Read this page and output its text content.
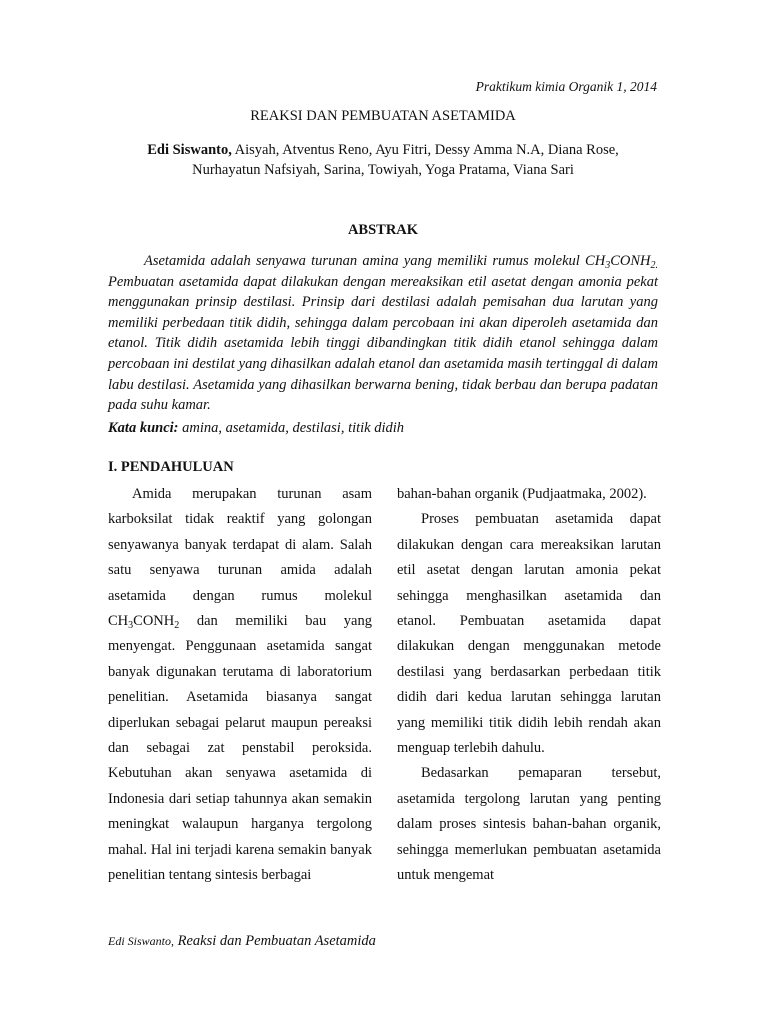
Praktikum kimia Organik 1, 2014
REAKSI DAN PEMBUATAN ASETAMIDA
Edi Siswanto, Aisyah, Atventus Reno, Ayu Fitri, Dessy Amma N.A, Diana Rose,
Nurhayatun Nafsiyah, Sarina, Towiyah, Yoga Pratama, Viana Sari
ABSTRAK

Asetamida adalah senyawa turunan amina yang memiliki rumus molekul $CH_3CONH_{2.}$ Pembuatan asetamida dapat dilakukan dengan mereaksikan etil asetat dengan amonia pekat menggunakan prinsip destilasi. Prinsip dari destilasi adalah pemisahan dua larutan yang memiliki perbedaan titik didih, sehingga dalam percobaan ini akan diperoleh asetamida dan etanol. Titik didih asetamida lebih tinggi dibandingkan titik didih etanol sehingga dalam percobaan ini destilat yang dihasilkan adalah etanol dan asetamida masih tertinggal di dalam labu destilasi. Asetamida yang dihasilkan berwarna bening, tidak berbau dan berupa padatan pada suhu kamar.

Kata kunci: amina, asetamida, destilasi, titik didih
I. PENDAHULUAN

Amida merupakan turunan asam karboksilat tidak reaktif yang golongan senyawanya banyak terdapat di alam. Salah satu senyawa turunan amida adalah asetamida dengan rumus molekul $CH_3CONH_2$ dan memiliki bau yang menyengat. Penggunaan asetamida sangat banyak digunakan terutama di laboratorium penelitian. Asetamida biasanya sangat diperlukan sebagai pelarut maupun pereaksi dan sebagai zat penstabil peroksida. Kebutuhan akan senyawa asetamida di Indonesia dari setiap tahunnya akan semakin meningkat walaupun harganya tergolong mahal. Hal ini terjadi karena semakin banyak penelitian tentang sintesis berbagai

bahan-bahan organik (Pudjaatmaka, 2002).

Proses pembuatan asetamida dapat dilakukan dengan cara mereaksikan larutan etil asetat dengan larutan amonia pekat sehingga menghasilkan asetamida dan etanol. Pembuatan asetamida dapat dilakukan dengan menggunakan metode destilasi yang berdasarkan perbedaan titik didih dari kedua larutan sehingga larutan yang memiliki titik didih lebih rendah akan menguap terlebih dahulu.

Bedasarkan pemaparan tersebut, asetamida tergolong larutan yang penting dalam proses sintesis bahan-bahan organik, sehingga memerlukan pembuatan asetamida untuk mengemat

Edi Siswanto, Reaksi dan Pembuatan Asetamida
